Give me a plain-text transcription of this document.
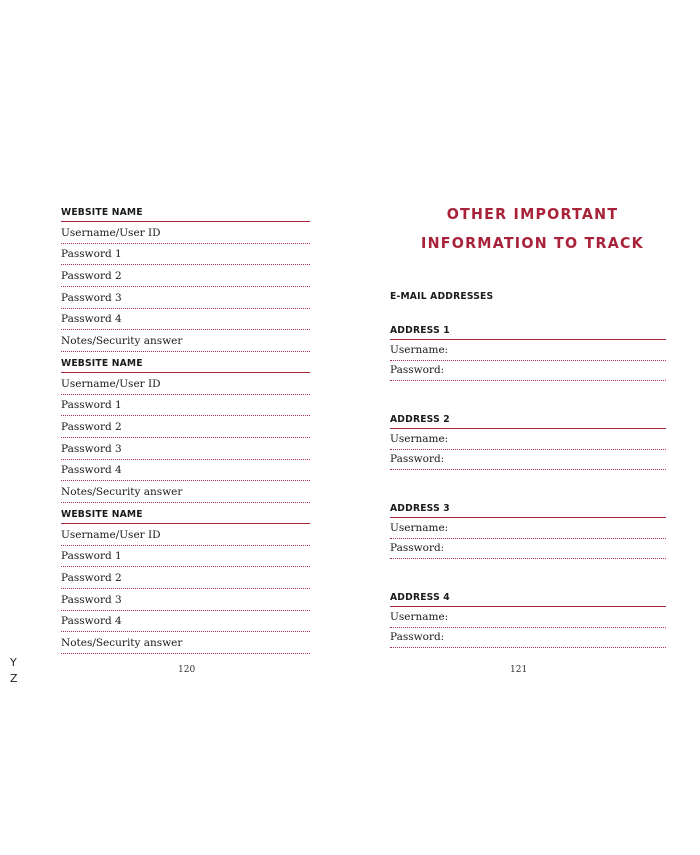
WEBSITE NAME
Username/User ID
Password 1
Password 2
Password 3
Password 4
Notes/Security answer
WEBSITE NAME
Username/User ID
Password 1
Password 2
Password 3
Password 4
Notes/Security answer
WEBSITE NAME
Username/User ID
Password 1
Password 2
Password 3
Password 4
Notes/Security answer
120
Y
Z
OTHER IMPORTANT
INFORMATION TO TRACK
E-MAIL ADDRESSES
ADDRESS 1
Username:
Password:
ADDRESS 2
Username:
Password:
ADDRESS 3
Username:
Password:
ADDRESS 4
Username:
Password:
121
